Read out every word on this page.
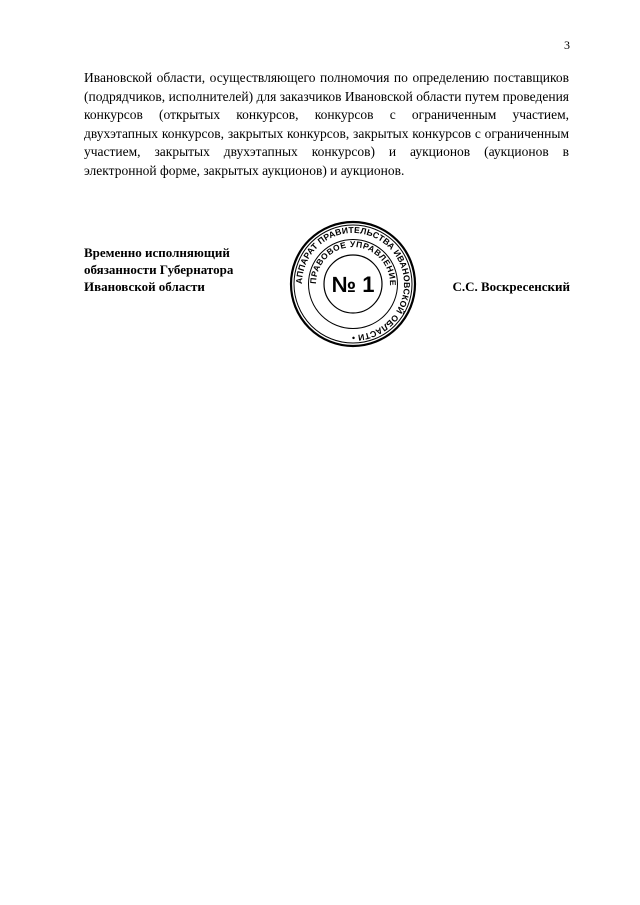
3

Ивановской области, осуществляющего полномочия по определению поставщиков (подрядчиков, исполнителей) для заказчиков Ивановской области путем проведения конкурсов (открытых конкурсов, конкурсов с ограниченным участием, двухэтапных конкурсов, закрытых конкурсов, закрытых конкурсов с ограниченным участием, закрытых двухэтапных конкурсов) и аукционов (аукционов в электронной форме, закрытых аукционов) и аукционов.

Временно исполняющий
обязанности Губернатора
Ивановской области	АППАРАТ ПРАВИТЕЛЬСТВА ИВАНОВСКОЙ ОБЛАСТИ •
ПРАВОВОЕ УПРАВЛЕНИЕ
№ 1	С.С. Воскресенский
